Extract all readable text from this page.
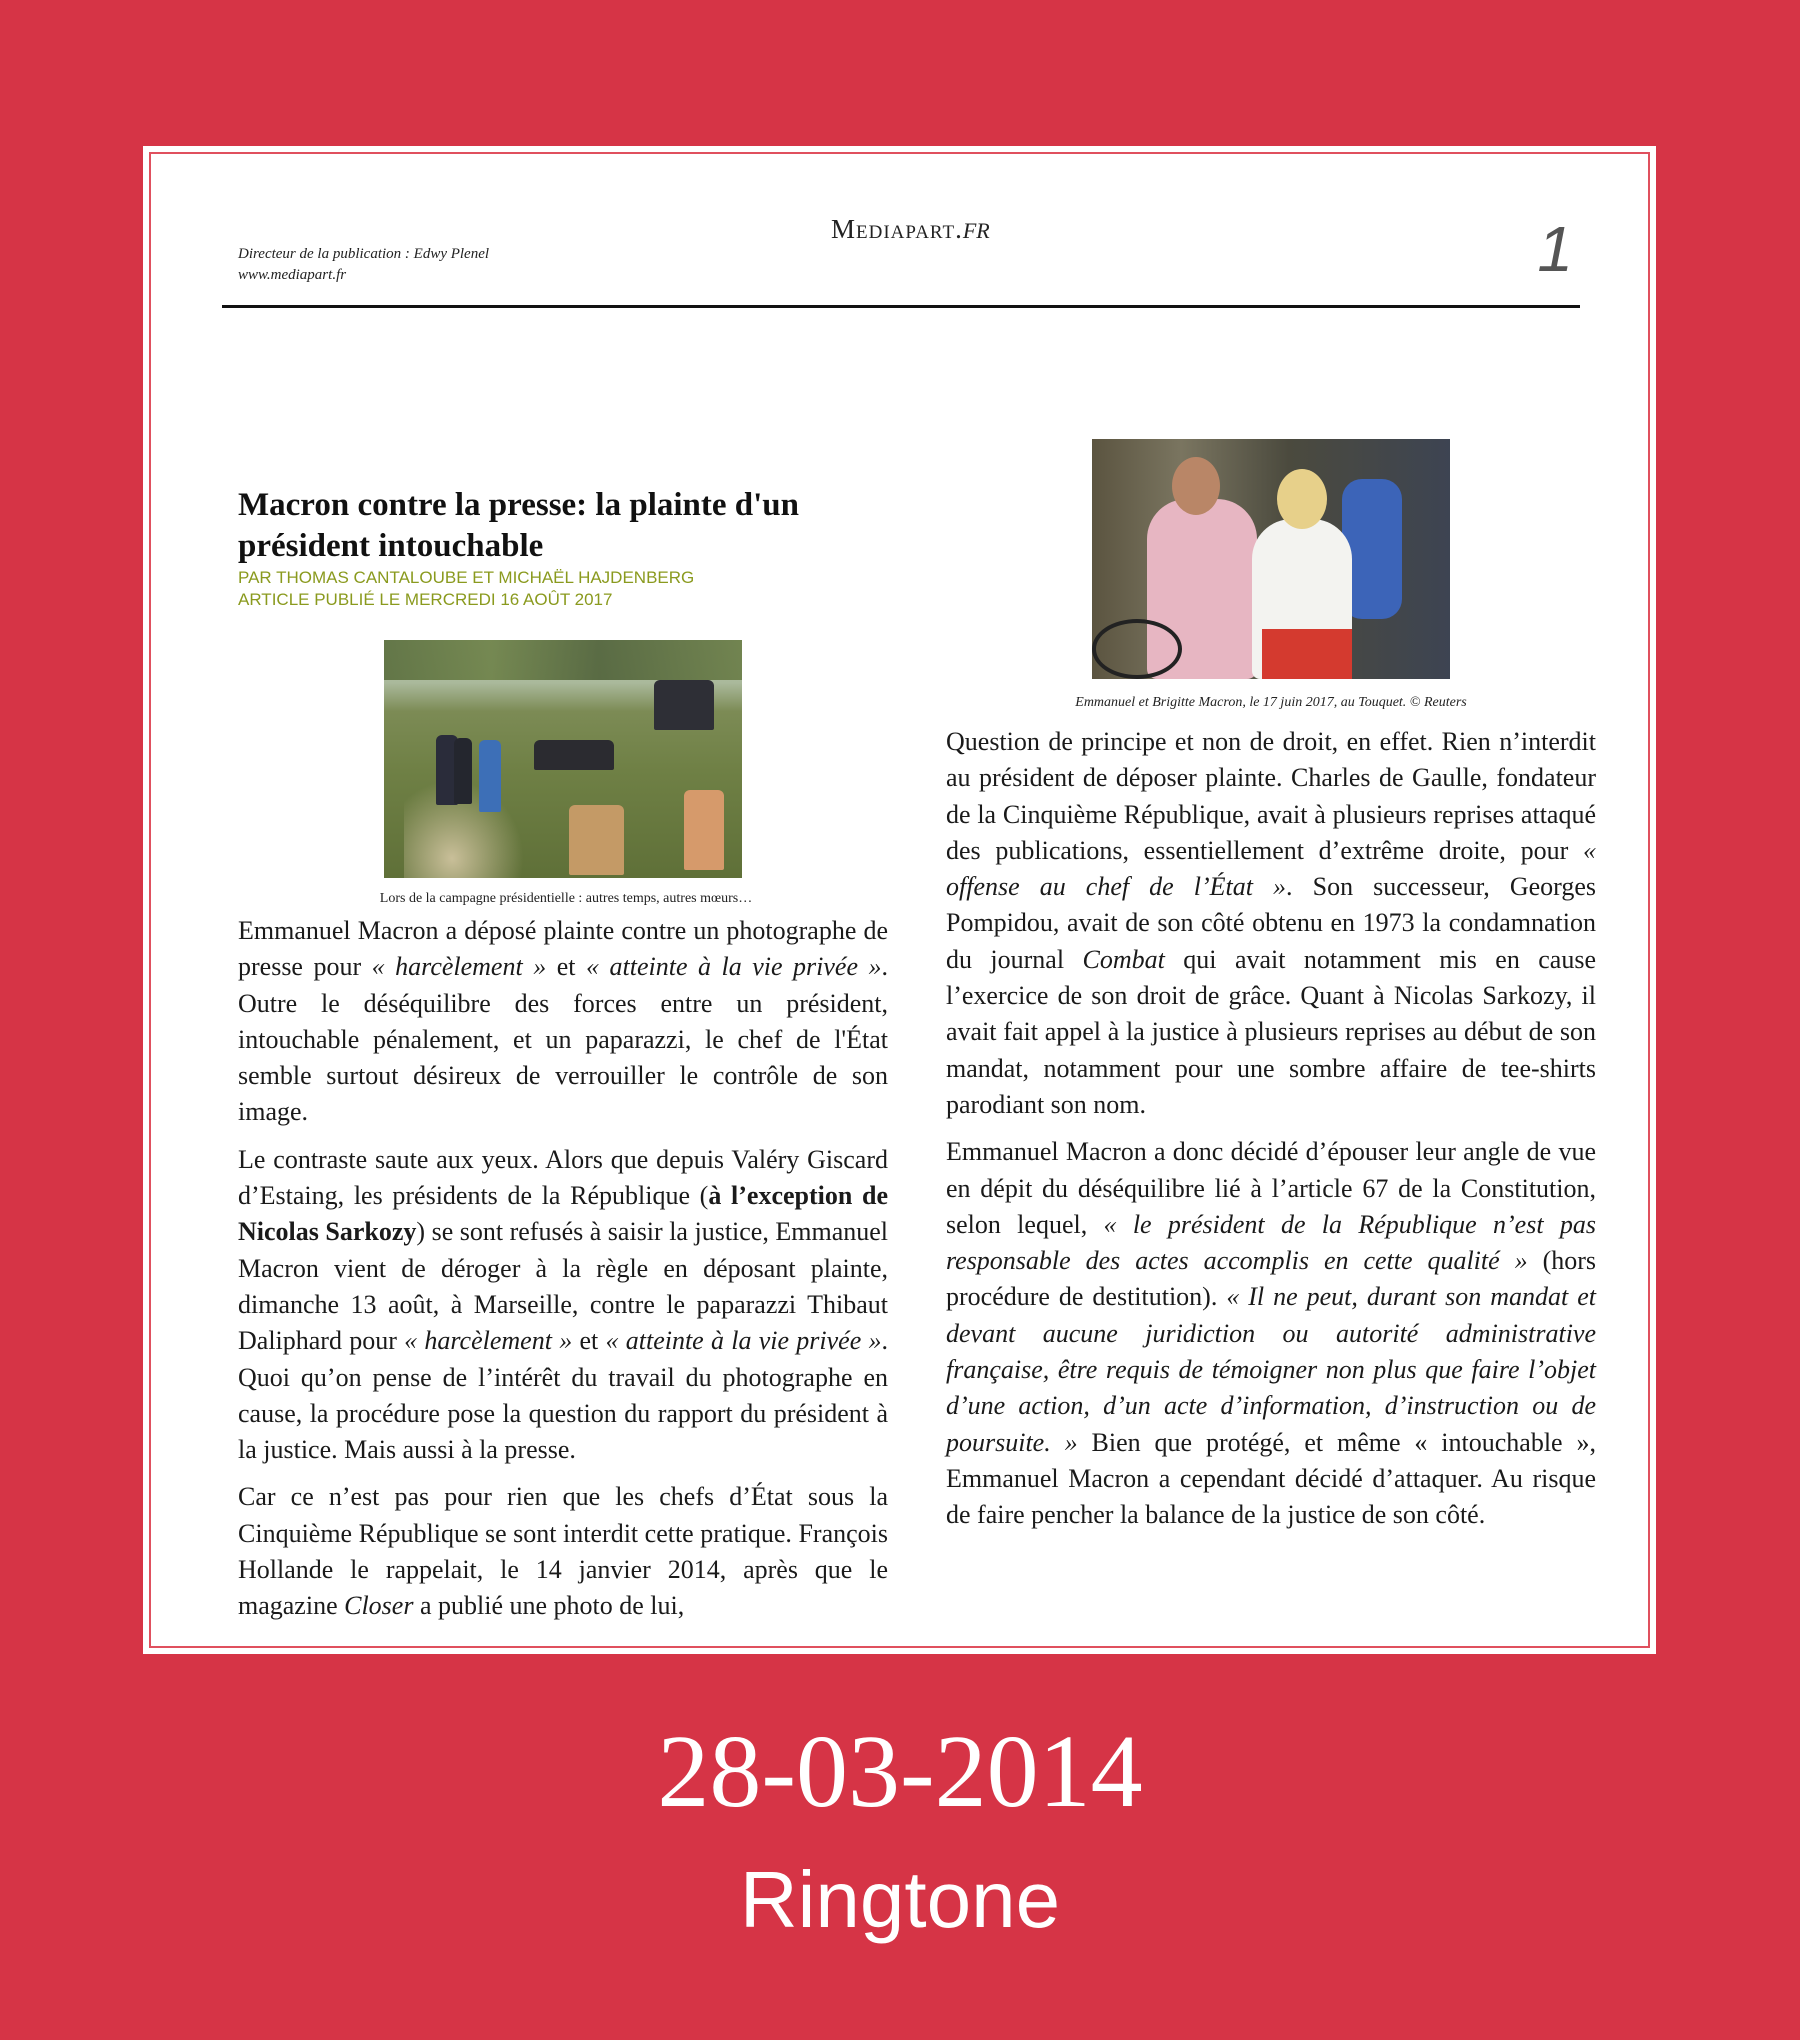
Directeur de la publication : Edwy Plenel
www.mediapart.fr
Mediapart.fr	1
Macron contre la presse: la plainte d'un président intouchable
PAR THOMAS CANTALOUBE ET MICHAËL HAJDENBERG
ARTICLE PUBLIÉ LE MERCREDI 16 AOÛT 2017
Lors de la campagne présidentielle : autres temps, autres mœurs…
Emmanuel et Brigitte Macron, le 17 juin 2017, au Touquet. © Reuters

Emmanuel Macron a déposé plainte contre un photographe de presse pour « harcèlement » et « atteinte à la vie privée ». Outre le déséquilibre des forces entre un président, intouchable pénalement, et un paparazzi, le chef de l'État semble surtout désireux de verrouiller le contrôle de son image.

Le contraste saute aux yeux. Alors que depuis Valéry Giscard d’Estaing, les présidents de la République (à l’exception de Nicolas Sarkozy) se sont refusés à saisir la justice, Emmanuel Macron vient de déroger à la règle en déposant plainte, dimanche 13 août, à Marseille, contre le paparazzi Thibaut Daliphard pour « harcèlement » et « atteinte à la vie privée ». Quoi qu’on pense de l’intérêt du travail du photographe en cause, la procédure pose la question du rapport du président à la justice. Mais aussi à la presse.

Car ce n’est pas pour rien que les chefs d’État sous la Cinquième République se sont interdit cette pratique. François Hollande le rappelait, le 14 janvier 2014, après que le magazine Closer a publié une photo de lui,

Question de principe et non de droit, en effet. Rien n’interdit au président de déposer plainte. Charles de Gaulle, fondateur de la Cinquième République, avait à plusieurs reprises attaqué des publications, essentiellement d’extrême droite, pour « offense au chef de l’État ». Son successeur, Georges Pompidou, avait de son côté obtenu en 1973 la condamnation du journal Combat qui avait notamment mis en cause l’exercice de son droit de grâce. Quant à Nicolas Sarkozy, il avait fait appel à la justice à plusieurs reprises au début de son mandat, notamment pour une sombre affaire de tee-shirts parodiant son nom.

Emmanuel Macron a donc décidé d’épouser leur angle de vue en dépit du déséquilibre lié à l’article 67 de la Constitution, selon lequel, « le président de la République n’est pas responsable des actes accomplis en cette qualité » (hors procédure de destitution). « Il ne peut, durant son mandat et devant aucune juridiction ou autorité administrative française, être requis de témoigner non plus que faire l’objet d’une action, d’un acte d’information, d’instruction ou de poursuite. » Bien que protégé, et même « intouchable », Emmanuel Macron a cependant décidé d’attaquer. Au risque de faire pencher la balance de la justice de son côté.

28-03-2014
Ringtone
